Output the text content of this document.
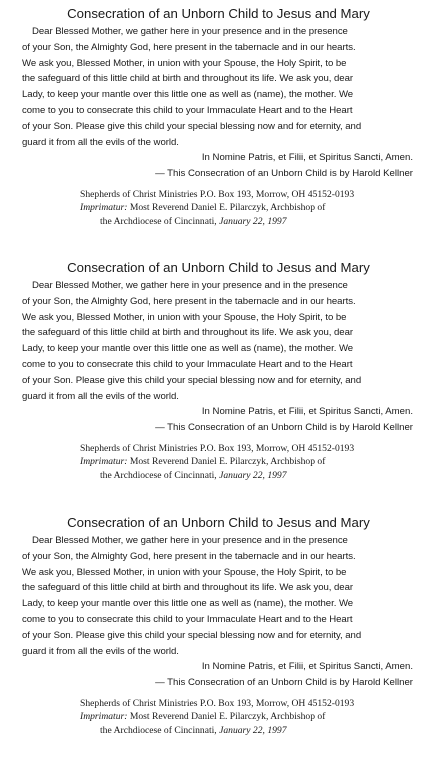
Consecration of an Unborn Child to Jesus and Mary
Dear Blessed Mother, we gather here in your presence and in the presence
of your Son, the Almighty God, here present in the tabernacle and in our hearts.
We ask you, Blessed Mother, in union with your Spouse, the Holy Spirit, to be
the safeguard of this little child at birth and throughout its life. We ask you, dear
Lady, to keep your mantle over this little one as well as (name), the mother. We
come to you to consecrate this child to your Immaculate Heart and to the Heart
of your Son. Please give this child your special blessing now and for eternity, and
guard it from all the evils of the world.
In Nomine Patris, et Filii, et Spiritus Sancti, Amen.
— This Consecration of an Unborn Child is by Harold Kellner
Shepherds of Christ Ministries P.O. Box 193, Morrow, OH 45152-0193
Imprimatur: Most Reverend Daniel E. Pilarczyk, Archbishop of
the Archdiocese of Cincinnati, January 22, 1997
Consecration of an Unborn Child to Jesus and Mary
Dear Blessed Mother, we gather here in your presence and in the presence
of your Son, the Almighty God, here present in the tabernacle and in our hearts.
We ask you, Blessed Mother, in union with your Spouse, the Holy Spirit, to be
the safeguard of this little child at birth and throughout its life. We ask you, dear
Lady, to keep your mantle over this little one as well as (name), the mother. We
come to you to consecrate this child to your Immaculate Heart and to the Heart
of your Son. Please give this child your special blessing now and for eternity, and
guard it from all the evils of the world.
In Nomine Patris, et Filii, et Spiritus Sancti, Amen.
— This Consecration of an Unborn Child is by Harold Kellner
Shepherds of Christ Ministries P.O. Box 193, Morrow, OH 45152-0193
Imprimatur: Most Reverend Daniel E. Pilarczyk, Archbishop of
the Archdiocese of Cincinnati, January 22, 1997
Consecration of an Unborn Child to Jesus and Mary
Dear Blessed Mother, we gather here in your presence and in the presence
of your Son, the Almighty God, here present in the tabernacle and in our hearts.
We ask you, Blessed Mother, in union with your Spouse, the Holy Spirit, to be
the safeguard of this little child at birth and throughout its life. We ask you, dear
Lady, to keep your mantle over this little one as well as (name), the mother. We
come to you to consecrate this child to your Immaculate Heart and to the Heart
of your Son. Please give this child your special blessing now and for eternity, and
guard it from all the evils of the world.
In Nomine Patris, et Filii, et Spiritus Sancti, Amen.
— This Consecration of an Unborn Child is by Harold Kellner
Shepherds of Christ Ministries P.O. Box 193, Morrow, OH 45152-0193
Imprimatur: Most Reverend Daniel E. Pilarczyk, Archbishop of
the Archdiocese of Cincinnati, January 22, 1997
